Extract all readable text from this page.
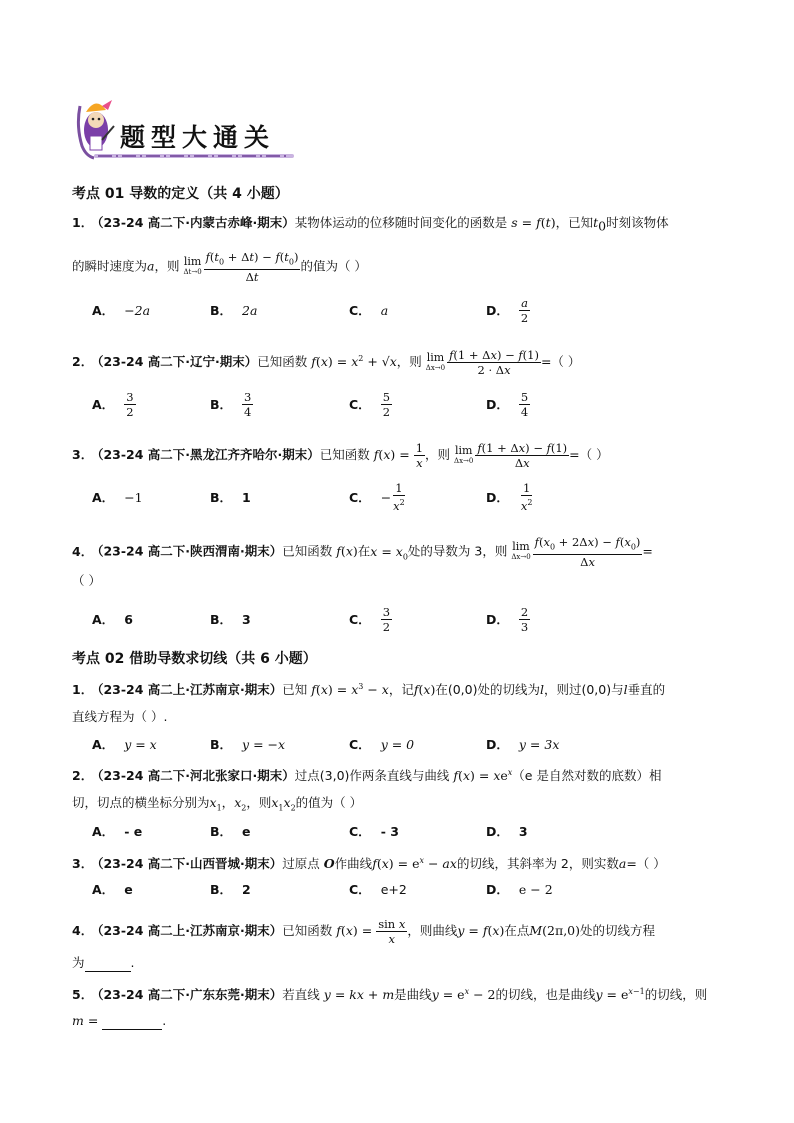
题型大通关
考点 01 导数的定义（共 4 小题）
1． （23-24 高二下·内蒙古赤峰·期末）某物体运动的位移随时间变化的函数是 s = f(t)，已知$t_0$时刻该物体
的瞬时速度为a，则 lim
$\Delta t\to 0 \frac{f(t_0 + \Delta t) - f(t_0)}{\Delta t}$ 的值为（ ）
A． −2a	B． 2a	C． a	D． $\frac{a}{2}$
2． （23-24 高二下·辽宁·期末）已知函数 $f(x) = x^2 + √x$，则 lim
$\Delta x\to 0 \frac{f(1 + \Delta x) - f(1)}{2 \cdot \Delta x}$ =（ ）
A． $\frac{3}{2}$	B． $\frac{3}{4}$	C． $\frac{5}{2}$	D． $\frac{5}{4}$
3． （23-24 高二下·黑龙江齐齐哈尔·期末）已知函数 $f(x) = \frac{1}{x}$ ，则 lim
$\Delta x\to 0 \frac{f(1 + \Delta x) - f(1)}{\Delta x}$ =（ ）
A． −1	B． 1	C． − $\frac{1}{x^2}$	D． $\frac{1}{x^2}$
4． （23-24 高二下·陕西渭南·期末）已知函数 f(x)在$x = x_0$处的导数为 3，则 lim
$\Delta x\to 0 \frac{f(x_0 + 2\Delta x) - f(x_0)}{\Delta x}$ =
（ ）
A． 6	B． 3	C． $\frac{3}{2}$	D． $\frac{2}{3}$
考点 02 借助导数求切线（共 6 小题）
1． （23-24 高二上·江苏南京·期末）已知 $f(x) = x^3 - x$，记f(x)在(0,0)处的切线为l，则过(0,0)与l垂直的
直线方程为（ ）.
A． y = x	B． y = −x	C． y = 0	D． y = 3x
2． （23-24 高二下·河北张家口·期末）过点(3,0)作两条直线与曲线 $f(x) = xe^x(e$ 是自然对数的底数）相
切，切点的横坐标分别为$x_1$，$x_2$，则$x_1x_2$的值为（ ）
A． - e	B． e	C． - 3	D． 3
3． （23-24 高二下·山西晋城·期末）过原点 O作曲线$f(x) = e^x$ − ax的切线，其斜率为 2，则实数a=（ ）
A． e	B． 2	C． e+2	D． e − 2
4． （23-24 高二上·江苏南京·期末）已知函数 $f(x) = \frac{\text{sin x}}{x}$ ，则曲线y = f(x)在点M(2π,0)处的切线方程
为	.
5． （23-24 高二下·广东东莞·期末）若直线 y = kx + m是曲线$y = e^x - 2$的切线，也是曲线$y = e^{x-1}$的切线，则
m =	.
